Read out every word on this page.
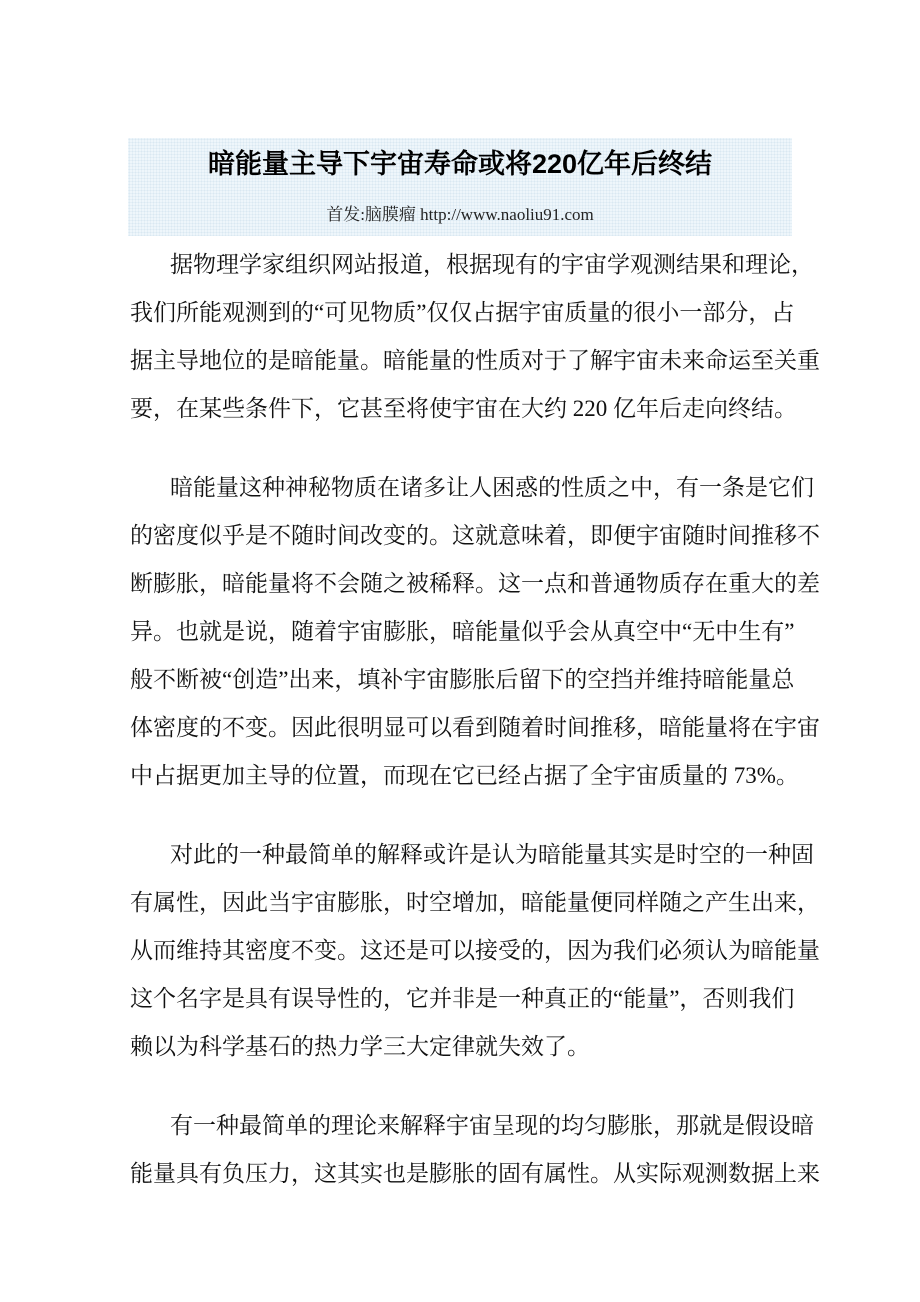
暗能量主导下宇宙寿命或将220亿年后终结
首发:脑膜瘤 http://www.naoliu91.com
据物理学家组织网站报道，根据现有的宇宙学观测结果和理论，
我们所能观测到的“可见物质”仅仅占据宇宙质量的很小一部分，占
据主导地位的是暗能量。暗能量的性质对于了解宇宙未来命运至关重
要，在某些条件下，它甚至将使宇宙在大约 220 亿年后走向终结。
暗能量这种神秘物质在诸多让人困惑的性质之中，有一条是它们
的密度似乎是不随时间改变的。这就意味着，即便宇宙随时间推移不
断膨胀，暗能量将不会随之被稀释。这一点和普通物质存在重大的差
异。也就是说，随着宇宙膨胀，暗能量似乎会从真空中“无中生有”
般不断被“创造”出来，填补宇宙膨胀后留下的空挡并维持暗能量总
体密度的不变。因此很明显可以看到随着时间推移，暗能量将在宇宙
中占据更加主导的位置，而现在它已经占据了全宇宙质量的 73%。
对此的一种最简单的解释或许是认为暗能量其实是时空的一种固
有属性，因此当宇宙膨胀，时空增加，暗能量便同样随之产生出来，
从而维持其密度不变。这还是可以接受的，因为我们必须认为暗能量
这个名字是具有误导性的，它并非是一种真正的“能量”，否则我们
赖以为科学基石的热力学三大定律就失效了。
有一种最简单的理论来解释宇宙呈现的均匀膨胀，那就是假设暗
能量具有负压力，这其实也是膨胀的固有属性。从实际观测数据上来
